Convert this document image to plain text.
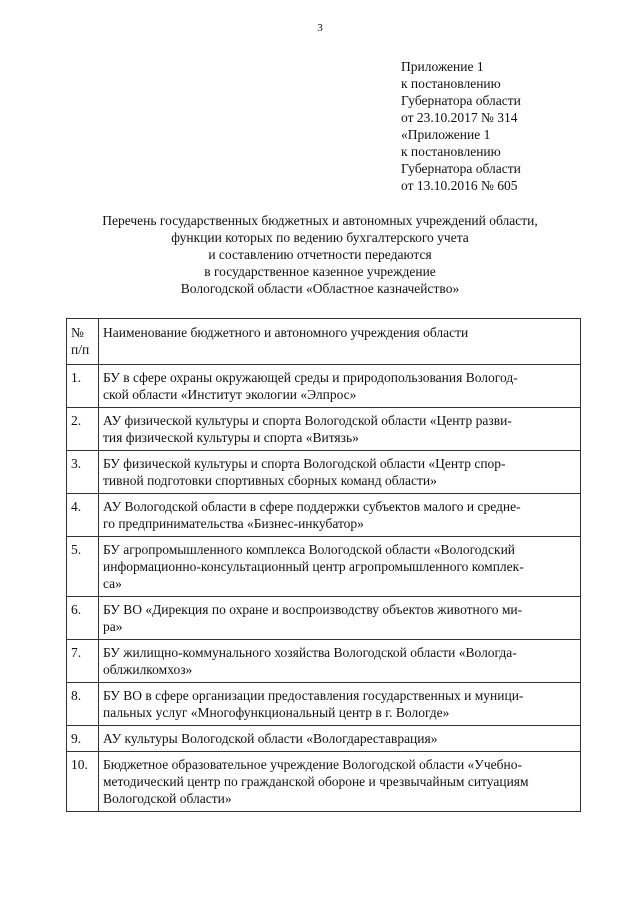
3
Приложение 1
к постановлению
Губернатора области
от 23.10.2017 № 314
«Приложение 1
к постановлению
Губернатора области
от 13.10.2016 № 605
Перечень государственных бюджетных и автономных учреждений области,
функции которых по ведению бухгалтерского учета
и составлению отчетности передаются
в государственное казенное учреждение
Вологодской области «Областное казначейство»
№
п/п	Наименование бюджетного и автономного учреждения области

1.	БУ в сфере охраны окружающей среды и природопользования Вологод-
ской области «Институт экологии «Элпрос»

2.	АУ физической культуры и спорта Вологодской области «Центр разви-
тия физической культуры и спорта «Витязь»

3.	БУ физической культуры и спорта Вологодской области «Центр спор-
тивной подготовки спортивных сборных команд области»

4.	АУ Вологодской области в сфере поддержки субъектов малого и средне-
го предпринимательства «Бизнес-инкубатор»

5.	БУ агропромышленного комплекса Вологодской области «Вологодский
информационно-консультационный центр агропромышленного комплек-
са»

6.	БУ ВО «Дирекция по охране и воспроизводству объектов животного ми-
ра»

7.	БУ жилищно-коммунального хозяйства Вологодской области «Вологда-
облжилкомхоз»

8.	БУ ВО в сфере организации предоставления государственных и муници-
пальных услуг «Многофункциональный центр в г. Вологде»

9.	АУ культуры Вологодской области «Вологдареставрация»

10.	Бюджетное образовательное учреждение Вологодской области «Учебно-
методический центр по гражданской обороне и чрезвычайным ситуациям
Вологодской области»
